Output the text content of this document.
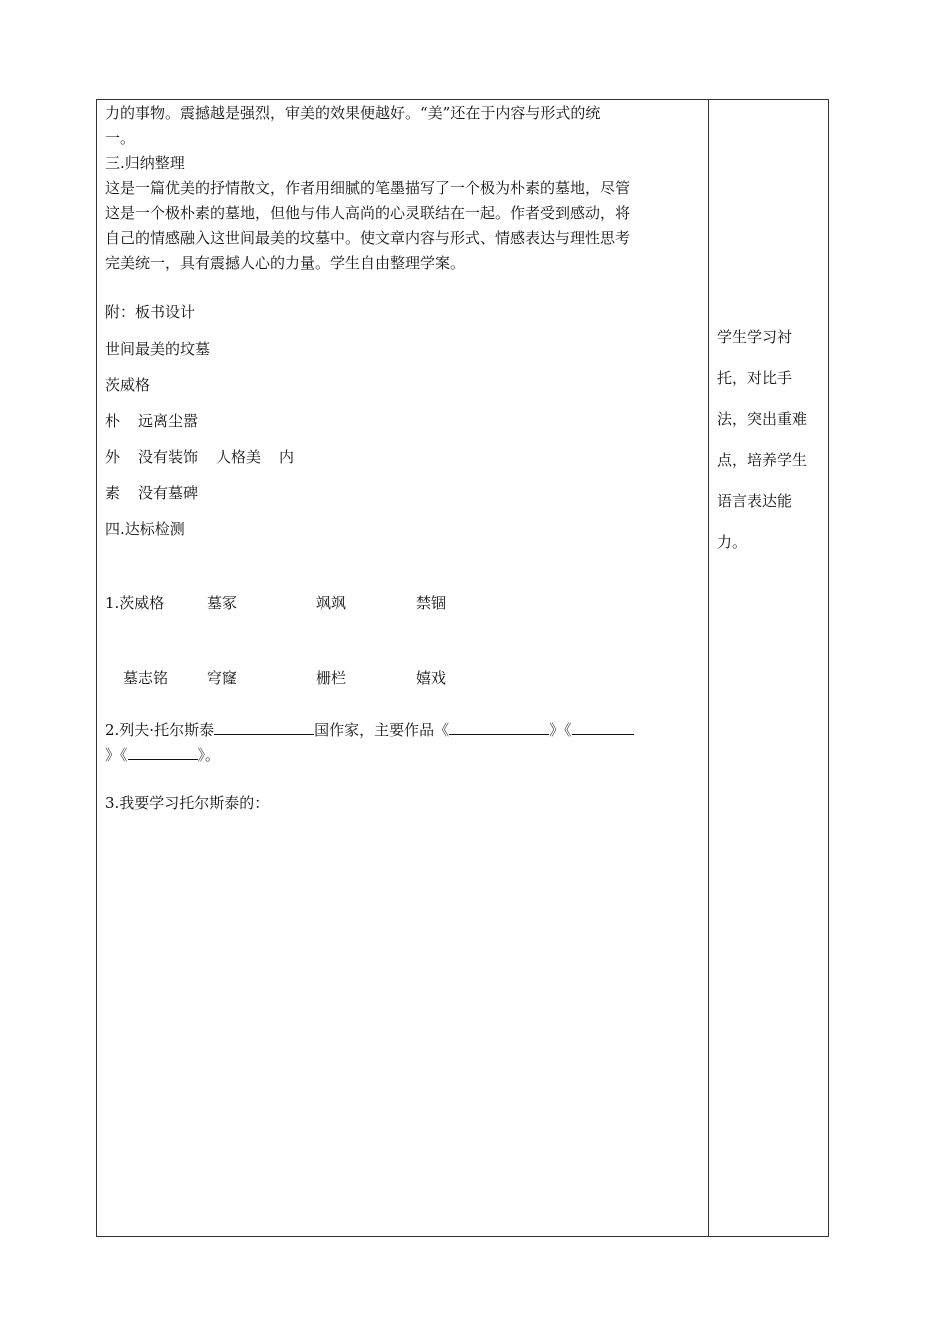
力的事物。震撼越是强烈，审美的效果便越好。“美”还在于内容与形式的统
一。
三.归纳整理
这是一篇优美的抒情散文，作者用细腻的笔墨描写了一个极为朴素的墓地，尽管
这是一个极朴素的墓地，但他与伟人高尚的心灵联结在一起。作者受到感动，将
自己的情感融入这世间最美的坟墓中。使文章内容与形式、情感表达与理性思考
完美统一，具有震撼人心的力量。学生自由整理学案。
附：板书设计
世间最美的坟墓
茨威格
朴 远离尘嚣
外 没有装饰 人格美 内
素 没有墓碑
四.达标检测
1.茨威格	墓冢	飒飒	禁锢
墓志铭	穹窿	栅栏	嬉戏
2.列夫·托尔斯泰	国作家，主要作品《	》《
》《	》。
3.我要学习托尔斯泰的：
学生学习衬
托，对比手
法，突出重难
点，培养学生
语言表达能
力。
